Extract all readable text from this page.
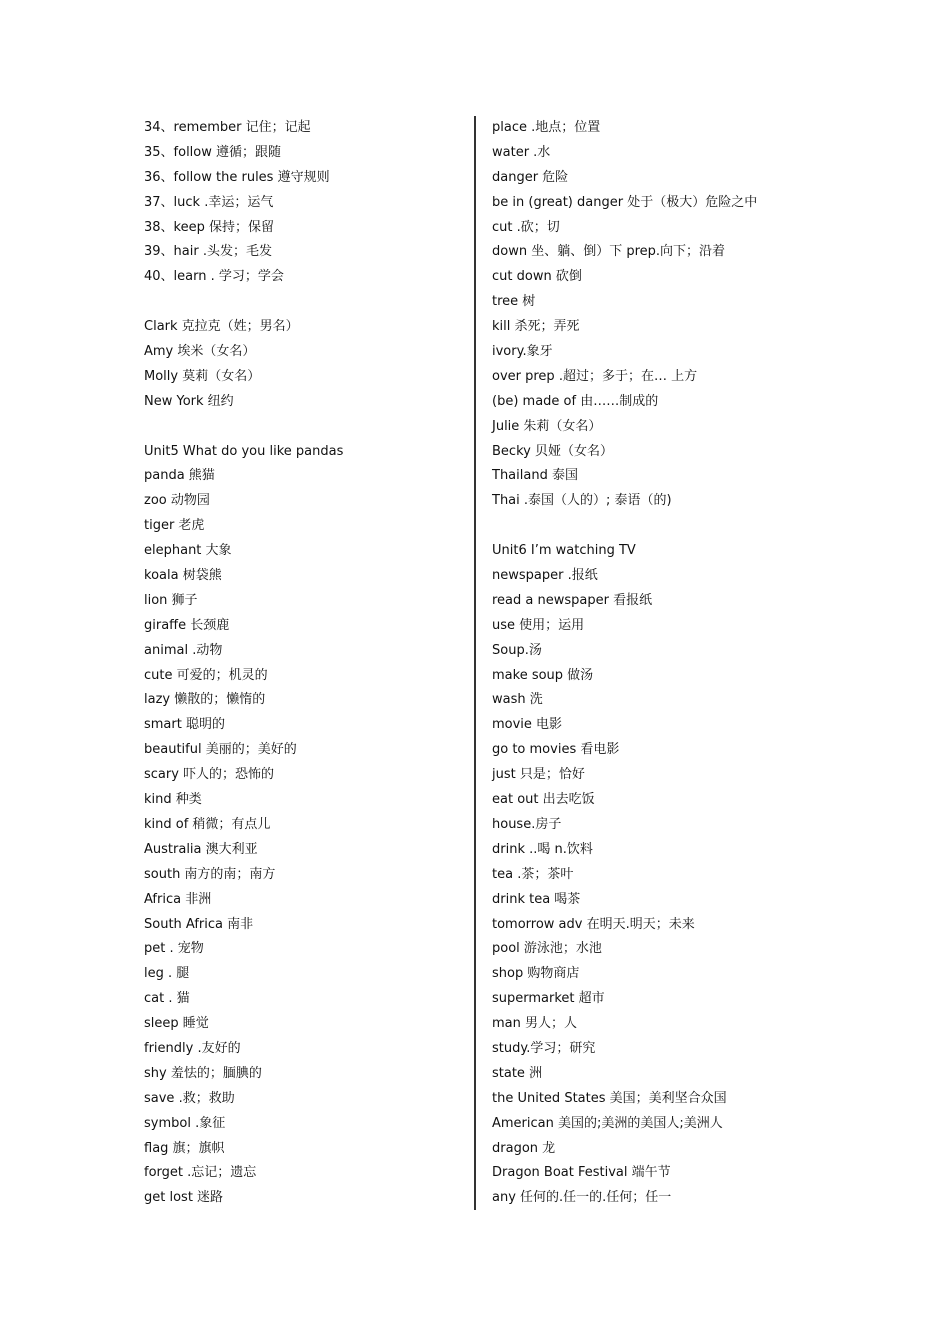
34、remember 记住；记起
35、follow 遵循；跟随
36、follow the rules 遵守规则
37、luck .幸运；运气
38、keep 保持；保留
39、hair .头发；毛发
40、learn . 学习；学会
Clark 克拉克（姓；男名）
Amy 埃米（女名）
Molly 莫莉（女名）
New York 纽约
Unit5 What do you like pandas
panda 熊猫
zoo 动物园
tiger 老虎
elephant 大象
koala 树袋熊
lion 狮子
giraffe 长颈鹿
animal .动物
cute 可爱的；机灵的
lazy 懒散的；懒惰的
smart 聪明的
beautiful 美丽的；美好的
scary 吓人的；恐怖的
kind 种类
kind of 稍微；有点儿
Australia 澳大利亚
south 南方的南；南方
Africa 非洲
South Africa 南非
pet . 宠物
leg . 腿
cat . 猫
sleep 睡觉
friendly .友好的
shy 羞怯的；腼腆的
save .救；救助
symbol .象征
flag 旗；旗帜
forget .忘记；遗忘
get lost 迷路
place .地点；位置
water .水
danger 危险
be in (great) danger 处于（极大）危险之中
cut .砍；切
down 坐、躺、倒）下 prep.向下；沿着
cut down 砍倒
tree 树
kill 杀死；弄死
ivory.象牙
over prep .超过；多于；在… 上方
(be) made of 由……制成的
Julie 朱莉（女名）
Becky 贝娅（女名）
Thailand 泰国
Thai .泰国（人的）; 泰语（的)
Unit6 I’m watching TV
newspaper .报纸
read a newspaper 看报纸
use 使用；运用
Soup.汤
make soup 做汤
wash 洗
movie 电影
go to movies 看电影
just 只是；恰好
eat out 出去吃饭
house.房子
drink ..喝 n.饮料
tea .茶；茶叶
drink tea 喝茶
tomorrow adv 在明天.明天；未来
pool 游泳池；水池
shop 购物商店
supermarket 超市
man 男人；人
study.学习；研究
state 洲
the United States 美国；美利坚合众国
American 美国的;美洲的美国人;美洲人
dragon 龙
Dragon Boat Festival 端午节
any 任何的.任一的.任何；任一
